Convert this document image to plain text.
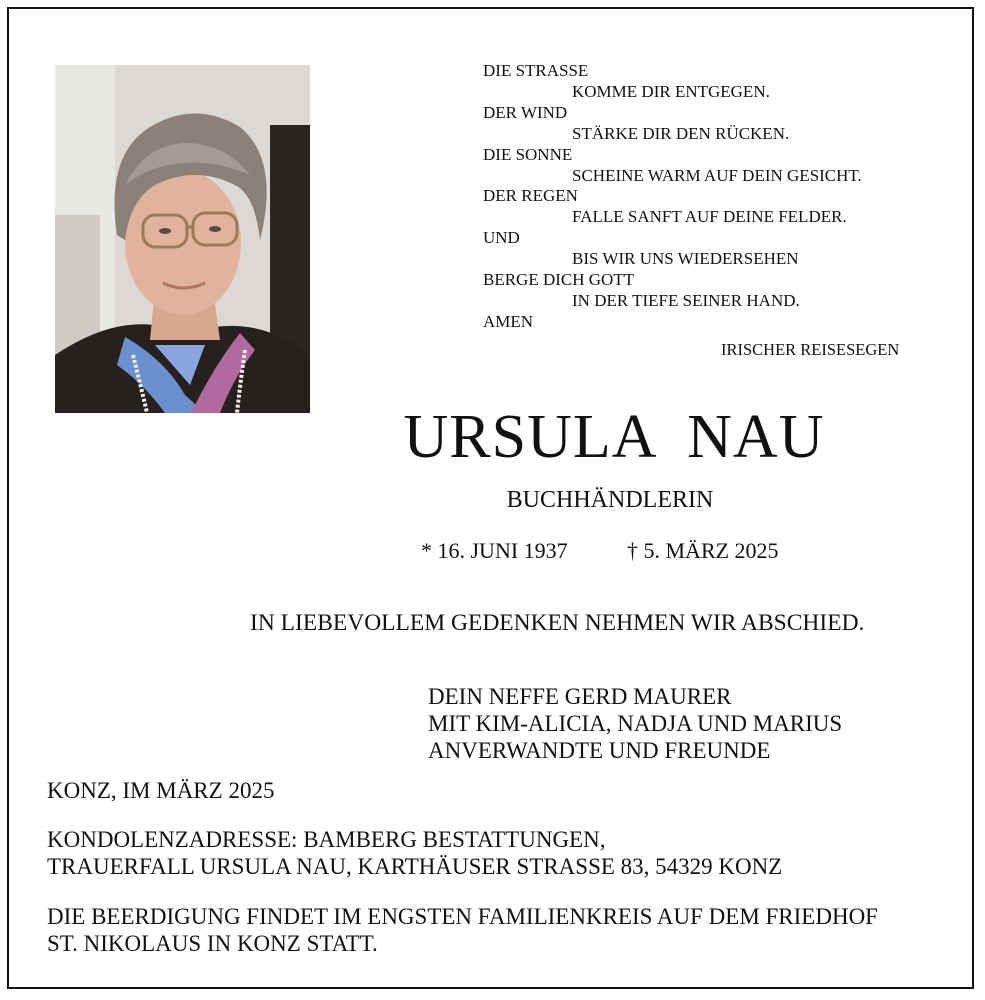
DIE STRASSE
KOMME DIR ENTGEGEN.
DER WIND
STÄRKE DIR DEN RÜCKEN.
DIE SONNE
SCHEINE WARM AUF DEIN GESICHT.
DER REGEN
FALLE SANFT AUF DEINE FELDER.
UND
BIS WIR UNS WIEDERSEHEN
BERGE DICH GOTT
IN DER TIEFE SEINER HAND.
AMEN
IRISCHER REISESEGEN
URSULA  NAU
BUCHHÄNDLERIN
* 16. JUNI 1937	† 5. MÄRZ 2025
IN LIEBEVOLLEM GEDENKEN NEHMEN WIR ABSCHIED.
DEIN NEFFE GERD MAURER
MIT KIM-ALICIA, NADJA UND MARIUS
ANVERWANDTE UND FREUNDE
KONZ, IM MÄRZ 2025
KONDOLENZADRESSE: BAMBERG BESTATTUNGEN,
TRAUERFALL URSULA NAU, KARTHÄUSER STRASSE 83, 54329 KONZ
DIE BEERDIGUNG FINDET IM ENGSTEN FAMILIENKREIS AUF DEM FRIEDHOF
ST. NIKOLAUS IN KONZ STATT.
